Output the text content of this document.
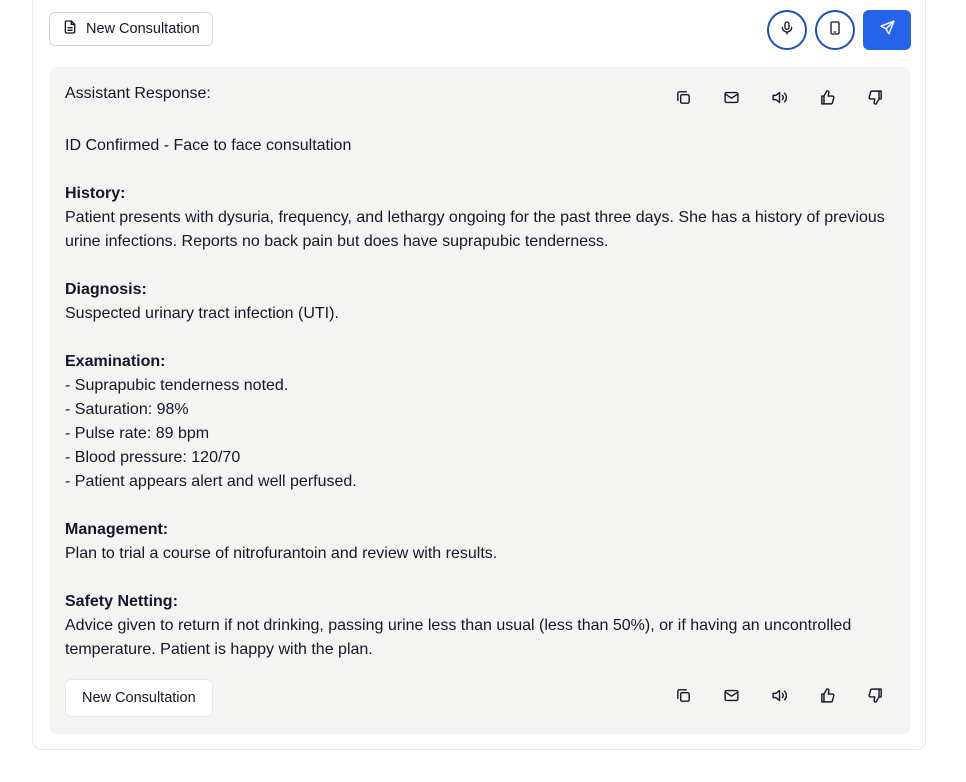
New Consultation
Assistant Response:

ID Confirmed - Face to face consultation

History:

Patient presents with dysuria, frequency, and lethargy ongoing for the past three days. She has a history of previous urine infections. Reports no back pain but does have suprapubic tenderness.

Diagnosis:

Suspected urinary tract infection (UTI).

Examination:

- Suprapubic tenderness noted.

- Saturation: 98%

- Pulse rate: 89 bpm

- Blood pressure: 120/70

- Patient appears alert and well perfused.

Management:

Plan to trial a course of nitrofurantoin and review with results.

Safety Netting:

Advice given to return if not drinking, passing urine less than usual (less than 50%), or if having an uncontrolled temperature. Patient is happy with the plan.

New Consultation
